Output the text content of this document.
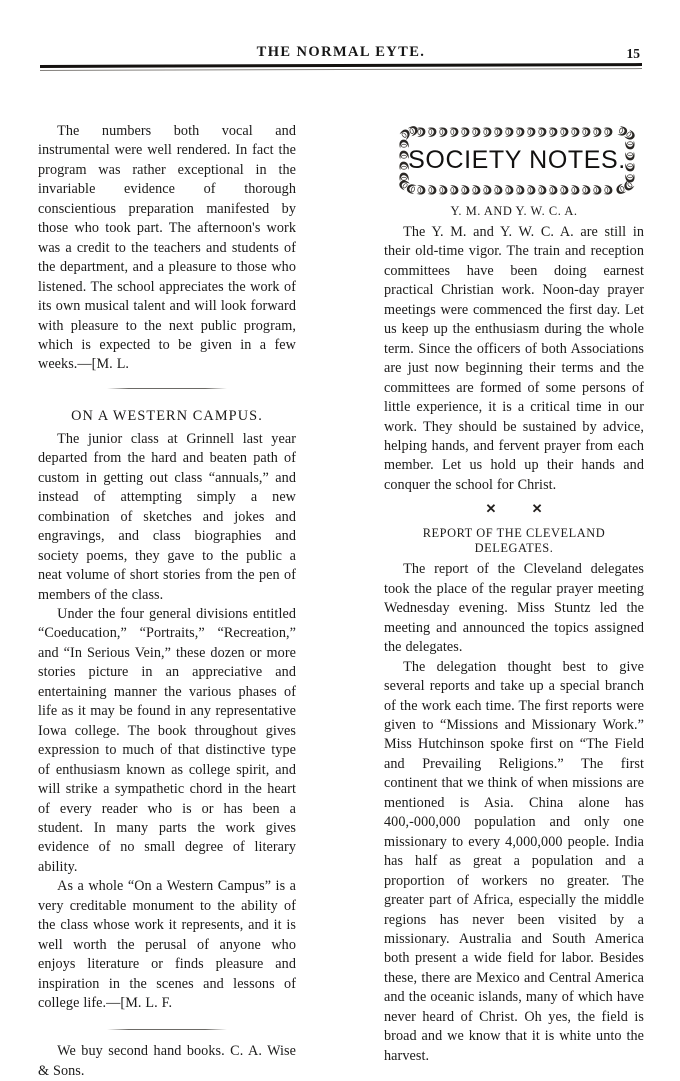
THE NORMAL EYTE.	15

The numbers both vocal and instrumental were well rendered. In fact the program was rather exceptional in the invariable evidence of thorough conscientious preparation manifested by those who took part. The afternoon's work was a credit to the teachers and students of the department, and a pleasure to those who listened. The school appreciates the work of its own musical talent and will look forward with pleasure to the next public program, which is expected to be given in a few weeks.—[M. L.

ON A WESTERN CAMPUS.

The junior class at Grinnell last year departed from the hard and beaten path of custom in getting out class “annuals,” and instead of attempting simply a new combination of sketches and jokes and engravings, and class biographies and society poems, they gave to the public a neat volume of short stories from the pen of members of the class.

Under the four general divisions entitled “Coeducation,” “Portraits,” “Recreation,” and “In Serious Vein,” these dozen or more stories picture in an appreciative and entertaining manner the various phases of life as it may be found in any representative Iowa college. The book throughout gives expression to much of that distinctive type of enthusiasm known as college spirit, and will strike a sympathetic chord in the heart of every reader who is or has been a student. In many parts the work gives evidence of no small degree of literary ability.

As a whole “On a Western Campus” is a very creditable monument to the ability of the class whose work it represents, and it is well worth the perusal of anyone who enjoys literature or finds pleasure and inspiration in the scenes and lessons of college life.—[M. L. F.

We buy second hand books. C. A. Wise & Sons.

SOCIETY NOTES.
Y. M. AND Y. W. C. A.

The Y. M. and Y. W. C. A. are still in their old-time vigor. The train and reception committees have been doing earnest practical Christian work. Noon-day prayer meetings were commenced the first day. Let us keep up the enthusiasm during the whole term. Since the officers of both Associations are just now beginning their terms and the committees are formed of some persons of little experience, it is a critical time in our work. They should be sustained by advice, helping hands, and fervent prayer from each member. Let us hold up their hands and conquer the school for Christ.

✕ ✕
REPORT OF THE CLEVELAND DELEGATES.

The report of the Cleveland delegates took the place of the regular prayer meeting Wednesday evening. Miss Stuntz led the meeting and announced the topics assigned the delegates.

The delegation thought best to give several reports and take up a special branch of the work each time. The first reports were given to “Missions and Missionary Work.” Miss Hutchinson spoke first on “The Field and Prevailing Religions.” The first continent that we think of when missions are mentioned is Asia. China alone has 400,-000,000 population and only one missionary to every 4,000,000 people. India has half as great a population and a proportion of workers no greater. The greater part of Africa, especially the middle regions has never been visited by a missionary. Australia and South America both present a wide field for labor. Besides these, there are Mexico and Central America and the oceanic islands, many of which have never heard of Christ. Oh yes, the field is broad and we know that it is white unto the harvest.
